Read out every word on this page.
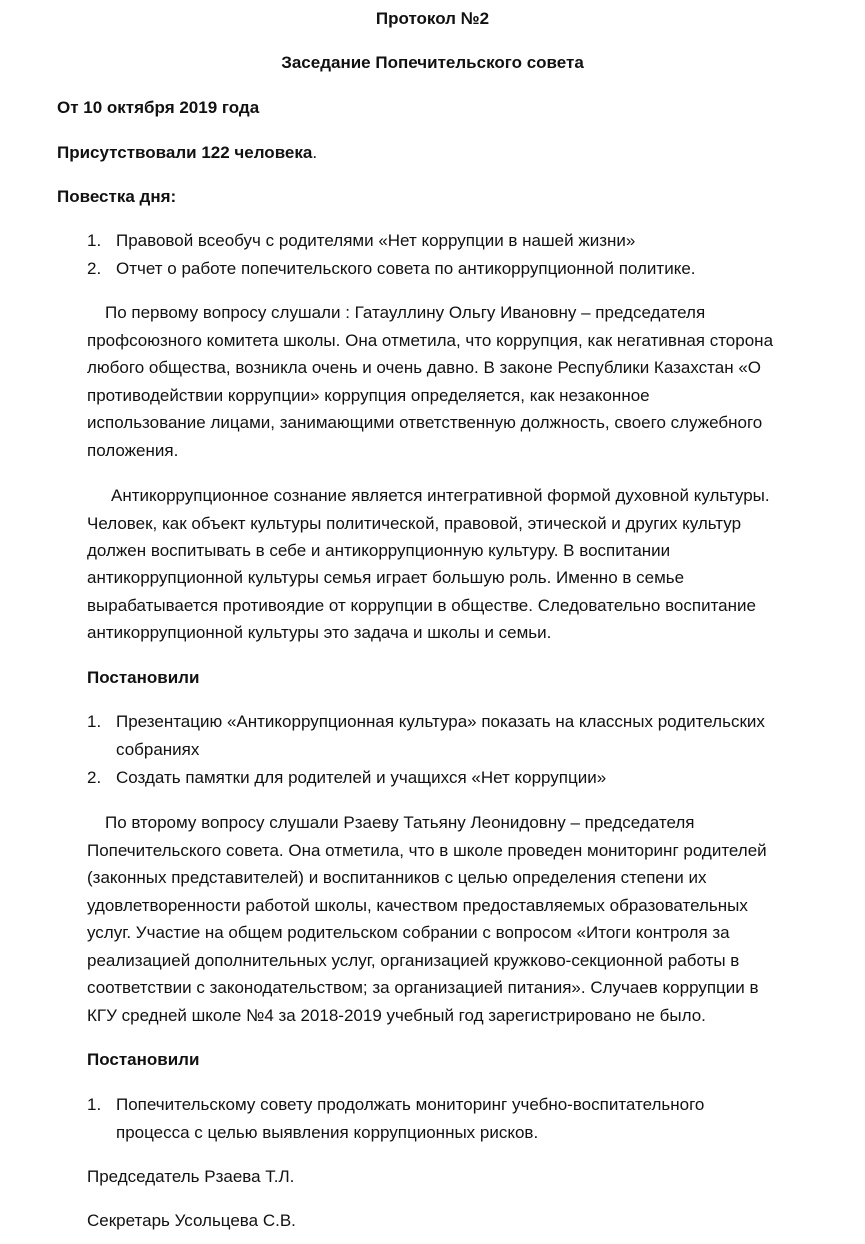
Протокол №2
Заседание Попечительского совета
От 10 октября 2019 года
Присутствовали 122 человека.
Повестка дня:
1. Правовой всеобуч с родителями «Нет коррупции в нашей жизни»
2. Отчет о работе попечительского совета по антикоррупционной политике.
По первому вопросу слушали : Гатауллину Ольгу Ивановну – председателя
профсоюзного комитета школы. Она отметила, что коррупция, как негативная сторона
любого общества, возникла очень и очень давно. В законе Республики Казахстан «О
противодействии коррупции» коррупция определяется, как незаконное
использование лицами, занимающими ответственную должность, своего служебного
положения.
Антикоррупционное сознание является интегративной формой духовной культуры.
Человек, как объект культуры политической, правовой, этической и других культур
должен воспитывать в себе и антикоррупционную культуру. В воспитании
антикоррупционной культуры семья играет большую роль. Именно в семье
вырабатывается противоядие от коррупции в обществе. Следовательно воспитание
антикоррупционной культуры это задача и школы и семьи.
Постановили
1. Презентацию «Антикоррупционная культура» показать на классных родительских
собраниях
2. Создать памятки для родителей и учащихся «Нет коррупции»
По второму вопросу слушали Рзаеву Татьяну Леонидовну – председателя
Попечительского совета. Она отметила, что в школе проведен мониторинг родителей
(законных представителей) и воспитанников с целью определения степени их
удовлетворенности работой школы, качеством предоставляемых образовательных
услуг. Участие на общем родительском собрании с вопросом «Итоги контроля за
реализацией дополнительных услуг, организацией кружково-секционной работы в
соответствии с законодательством; за организацией питания». Случаев коррупции в
КГУ средней школе №4 за 2018-2019 учебный год зарегистрировано не было.
Постановили
1. Попечительскому совету продолжать мониторинг учебно-воспитательного
процесса с целью выявления коррупционных рисков.
Председатель Рзаева Т.Л.
Секретарь Усольцева С.В.
